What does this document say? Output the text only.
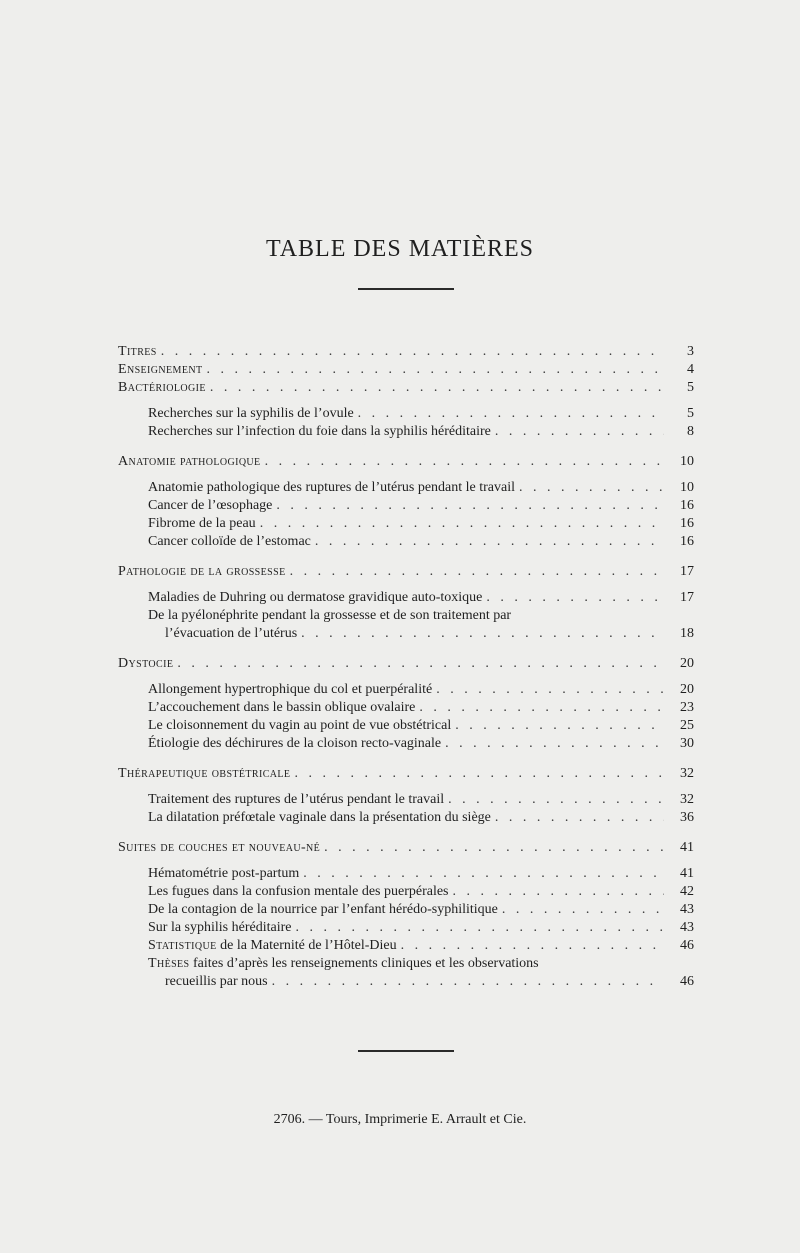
TABLE DES MATIÈRES
Titres . . .	3
Enseignement . . .	4
Bactériologie . . .	5
Recherches sur la syphilis de l’ovule . . .	5
Recherches sur l’infection du foie dans la syphilis héréditaire . . .	8
Anatomie pathologique . . .	10
Anatomie pathologique des ruptures de l’utérus pendant le travail . . .	10
Cancer de l’œsophage . . .	16
Fibrome de la peau . . .	16
Cancer colloïde de l’estomac . . .	16
Pathologie de la grossesse . . .	17
Maladies de Duhring ou dermatose gravidique auto-toxique . . .	17
De la pyélonéphrite pendant la grossesse et de son traitement par
l’évacuation de l’utérus . . .	18
Dystocie . . .	20
Allongement hypertrophique du col et puerpéralité . . .	20
L’accouchement dans le bassin oblique ovalaire . . .	23
Le cloisonnement du vagin au point de vue obstétrical . . .	25
Étiologie des déchirures de la cloison recto-vaginale . . .	30
Thérapeutique obstétricale . . .	32
Traitement des ruptures de l’utérus pendant le travail . . .	32
La dilatation préfœtale vaginale dans la présentation du siège . . .	36
Suites de couches et nouveau-né . . .	41
Hématométrie post-partum . . .	41
Les fugues dans la confusion mentale des puerpérales . . .	42
De la contagion de la nourrice par l’enfant hérédo-syphilitique . . .	43
Sur la syphilis héréditaire . . .	43
Statistique de la Maternité de l’Hôtel-Dieu . . .	46
Thèses faites d’après les renseignements cliniques et les observations
recueillis par nous . . .	46
2706. — Tours, Imprimerie E. Arrault et Cie.
